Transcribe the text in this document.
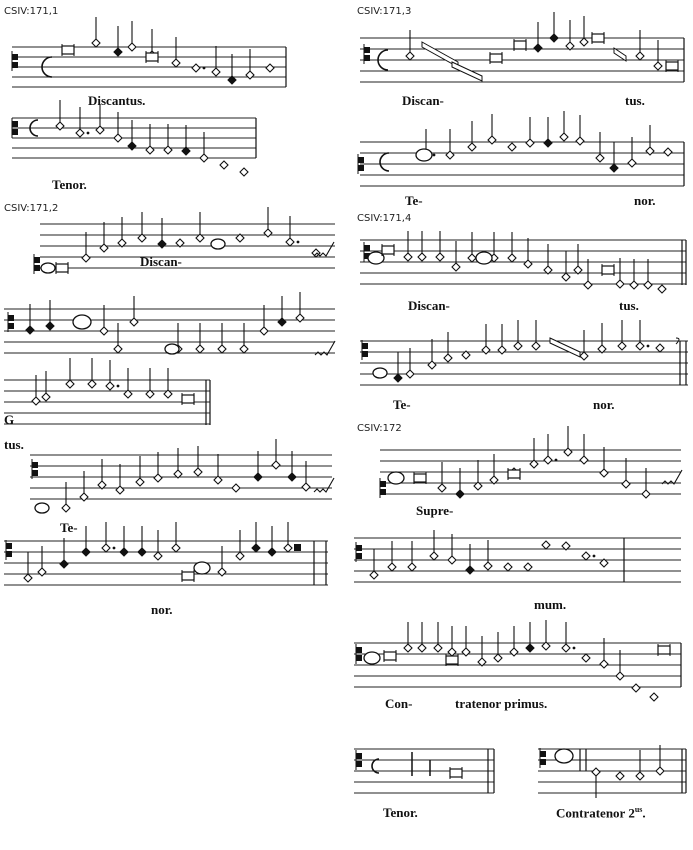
CSIV:171,1
CSIV:171,2
CSIV:171,3
CSIV:171,4
CSIV:172
Discantus.
Tenor.
Discan-
G
tus.
Te-
nor.
Discan-	tus.
Te-	nor.
Discan-	tus.
Te-	nor.
Supre-
mum.
Con-	tratenor primus.
Tenor.	Contratenor $2^{us}$.
